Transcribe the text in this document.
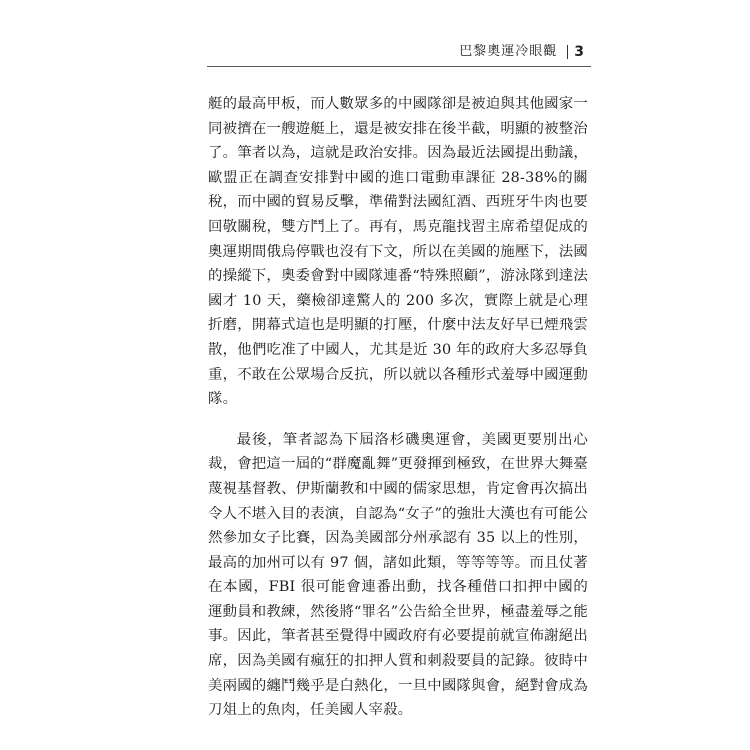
巴黎奧運冷眼觀 3

艇的最高甲板，而人數眾多的中國隊卻是被迫與其他國家一同被擠在一艘遊艇上，還是被安排在後半截，明顯的被整治了。筆者以為，這就是政治安排。因為最近法國提出動議，歐盟正在調查安排對中國的進口電動車課征 28-38%的關稅，而中國的貿易反擊，準備對法國紅酒、西班牙牛肉也要回敬關稅，雙方鬥上了。再有，馬克龍找習主席希望促成的奧運期間俄烏停戰也沒有下文，所以在美國的施壓下，法國的操縱下，奧委會對中國隊連番“特殊照顧”，游泳隊到達法國才 10 天，藥檢卻達驚人的 200 多次，實際上就是心理折磨，開幕式這也是明顯的打壓，什麼中法友好早已煙飛雲散，他們吃准了中國人，尤其是近 30 年的政府大多忍辱負重，不敢在公眾場合反抗，所以就以各種形式羞辱中國運動隊。

最後，筆者認為下屆洛杉磯奧運會，美國更要別出心裁，會把這一屆的“群魔亂舞”更發揮到極致，在世界大舞臺蔑視基督教、伊斯蘭教和中國的儒家思想，肯定會再次搞出令人不堪入目的表演，自認為“女子”的強壯大漢也有可能公然參加女子比賽，因為美國部分州承認有 35 以上的性別，最高的加州可以有 97 個，諸如此類，等等等等。而且仗著在本國，FBI 很可能會連番出動，找各種借口扣押中國的運動員和教練，然後將“罪名”公告給全世界，極盡羞辱之能事。因此，筆者甚至覺得中國政府有必要提前就宣佈謝絕出席，因為美國有瘋狂的扣押人質和刺殺要員的記錄。彼時中美兩國的纏鬥幾乎是白熱化，一旦中國隊與會，絕對會成為刀俎上的魚肉，任美國人宰殺。
